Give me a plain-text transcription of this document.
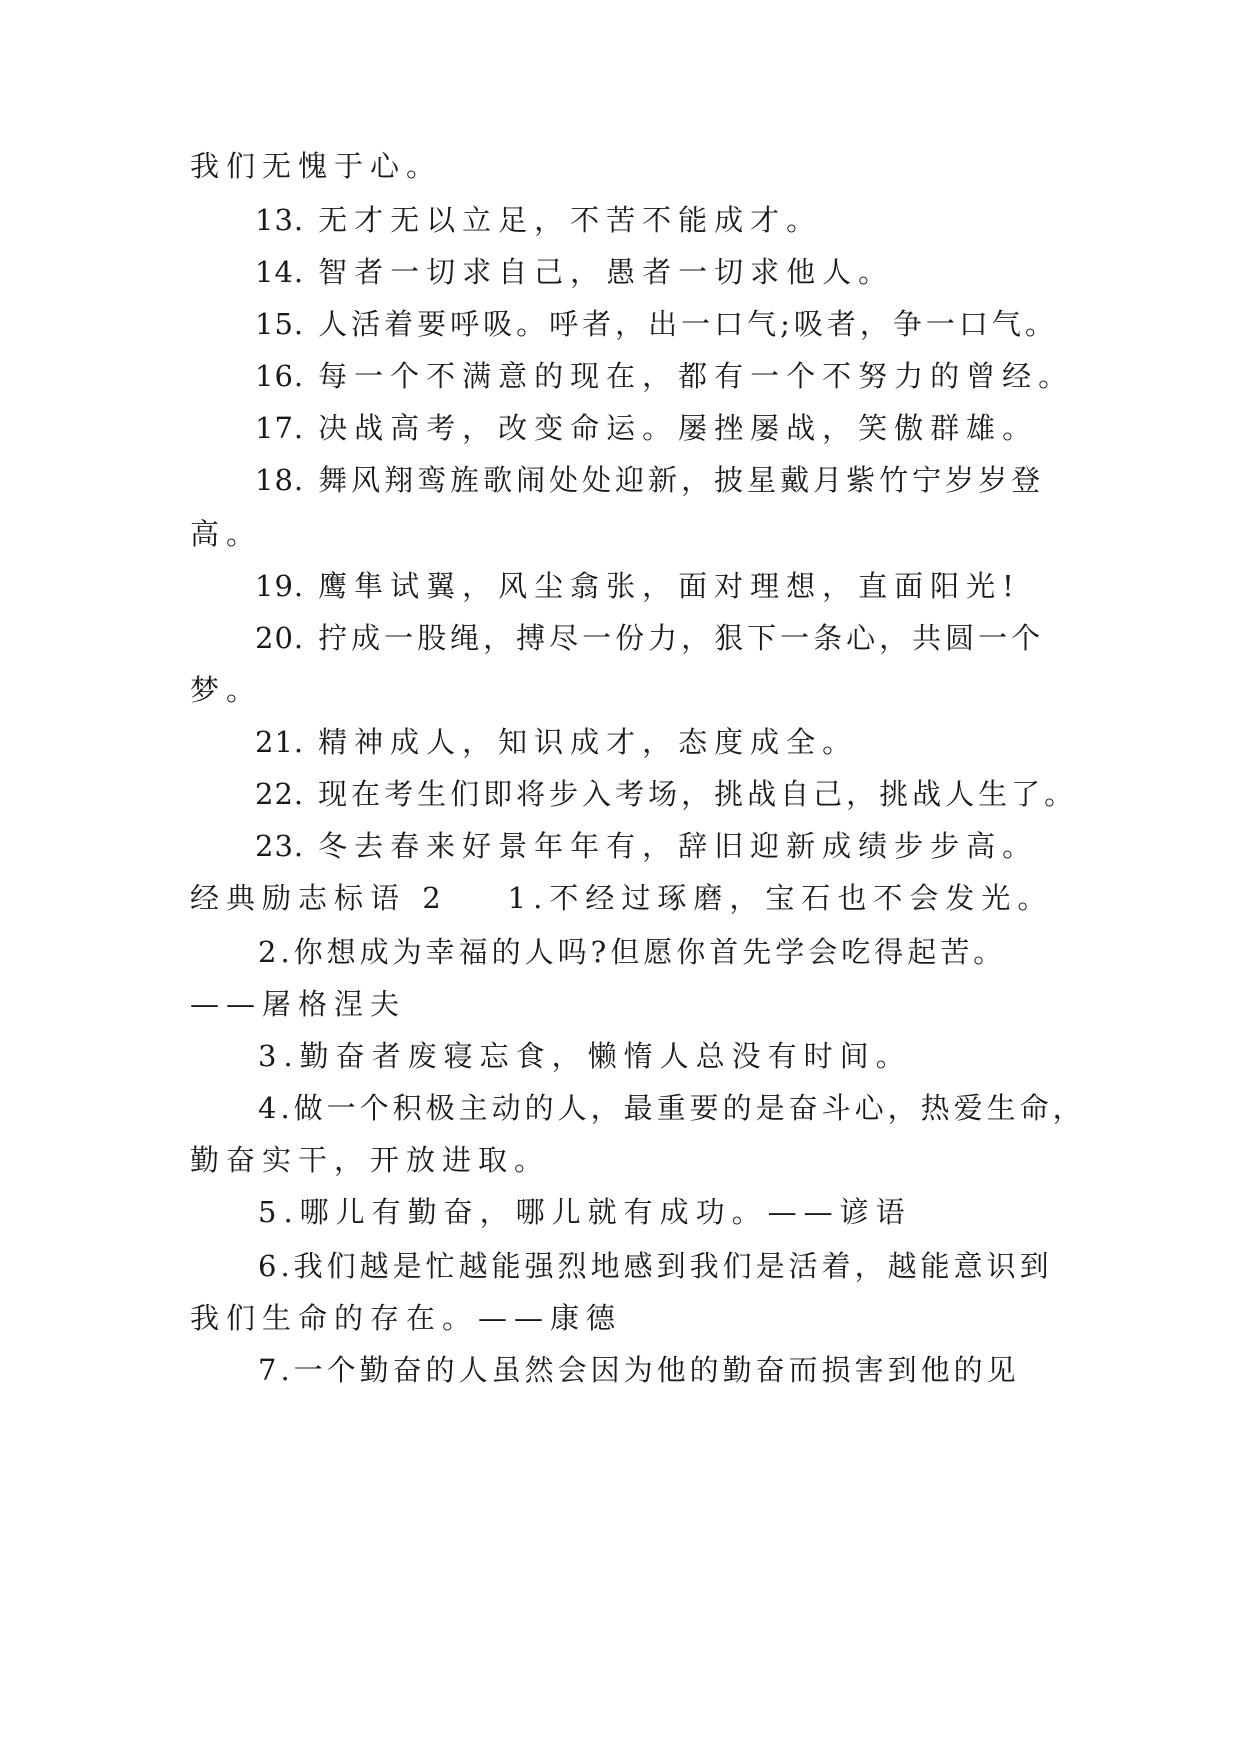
我们无愧于心。
13. 无才无以立足，不苦不能成才。
14. 智者一切求自己，愚者一切求他人。
15. 人活着要呼吸。呼者，出一口气;吸者，争一口气。
16. 每一个不满意的现在，都有一个不努力的曾经。
17. 决战高考，改变命运。屡挫屡战，笑傲群雄。
18. 舞风翔鸾旌歌闹处处迎新，披星戴月紫竹宁岁岁登
高。
19. 鹰隼试翼，风尘翕张，面对理想，直面阳光!
20. 拧成一股绳，搏尽一份力，狠下一条心，共圆一个
梦。
21. 精神成人，知识成才，态度成全。
22. 现在考生们即将步入考场，挑战自己，挑战人生了。
23. 冬去春来好景年年有，辞旧迎新成绩步步高。
经典励志标语 2 1.不经过琢磨，宝石也不会发光。
2.你想成为幸福的人吗?但愿你首先学会吃得起苦。
——屠格涅夫
3.勤奋者废寝忘食，懒惰人总没有时间。
4.做一个积极主动的人，最重要的是奋斗心，热爱生命，
勤奋实干，开放进取。
5.哪儿有勤奋，哪儿就有成功。——谚语
6.我们越是忙越能强烈地感到我们是活着，越能意识到
我们生命的存在。——康德
7.一个勤奋的人虽然会因为他的勤奋而损害到他的见
